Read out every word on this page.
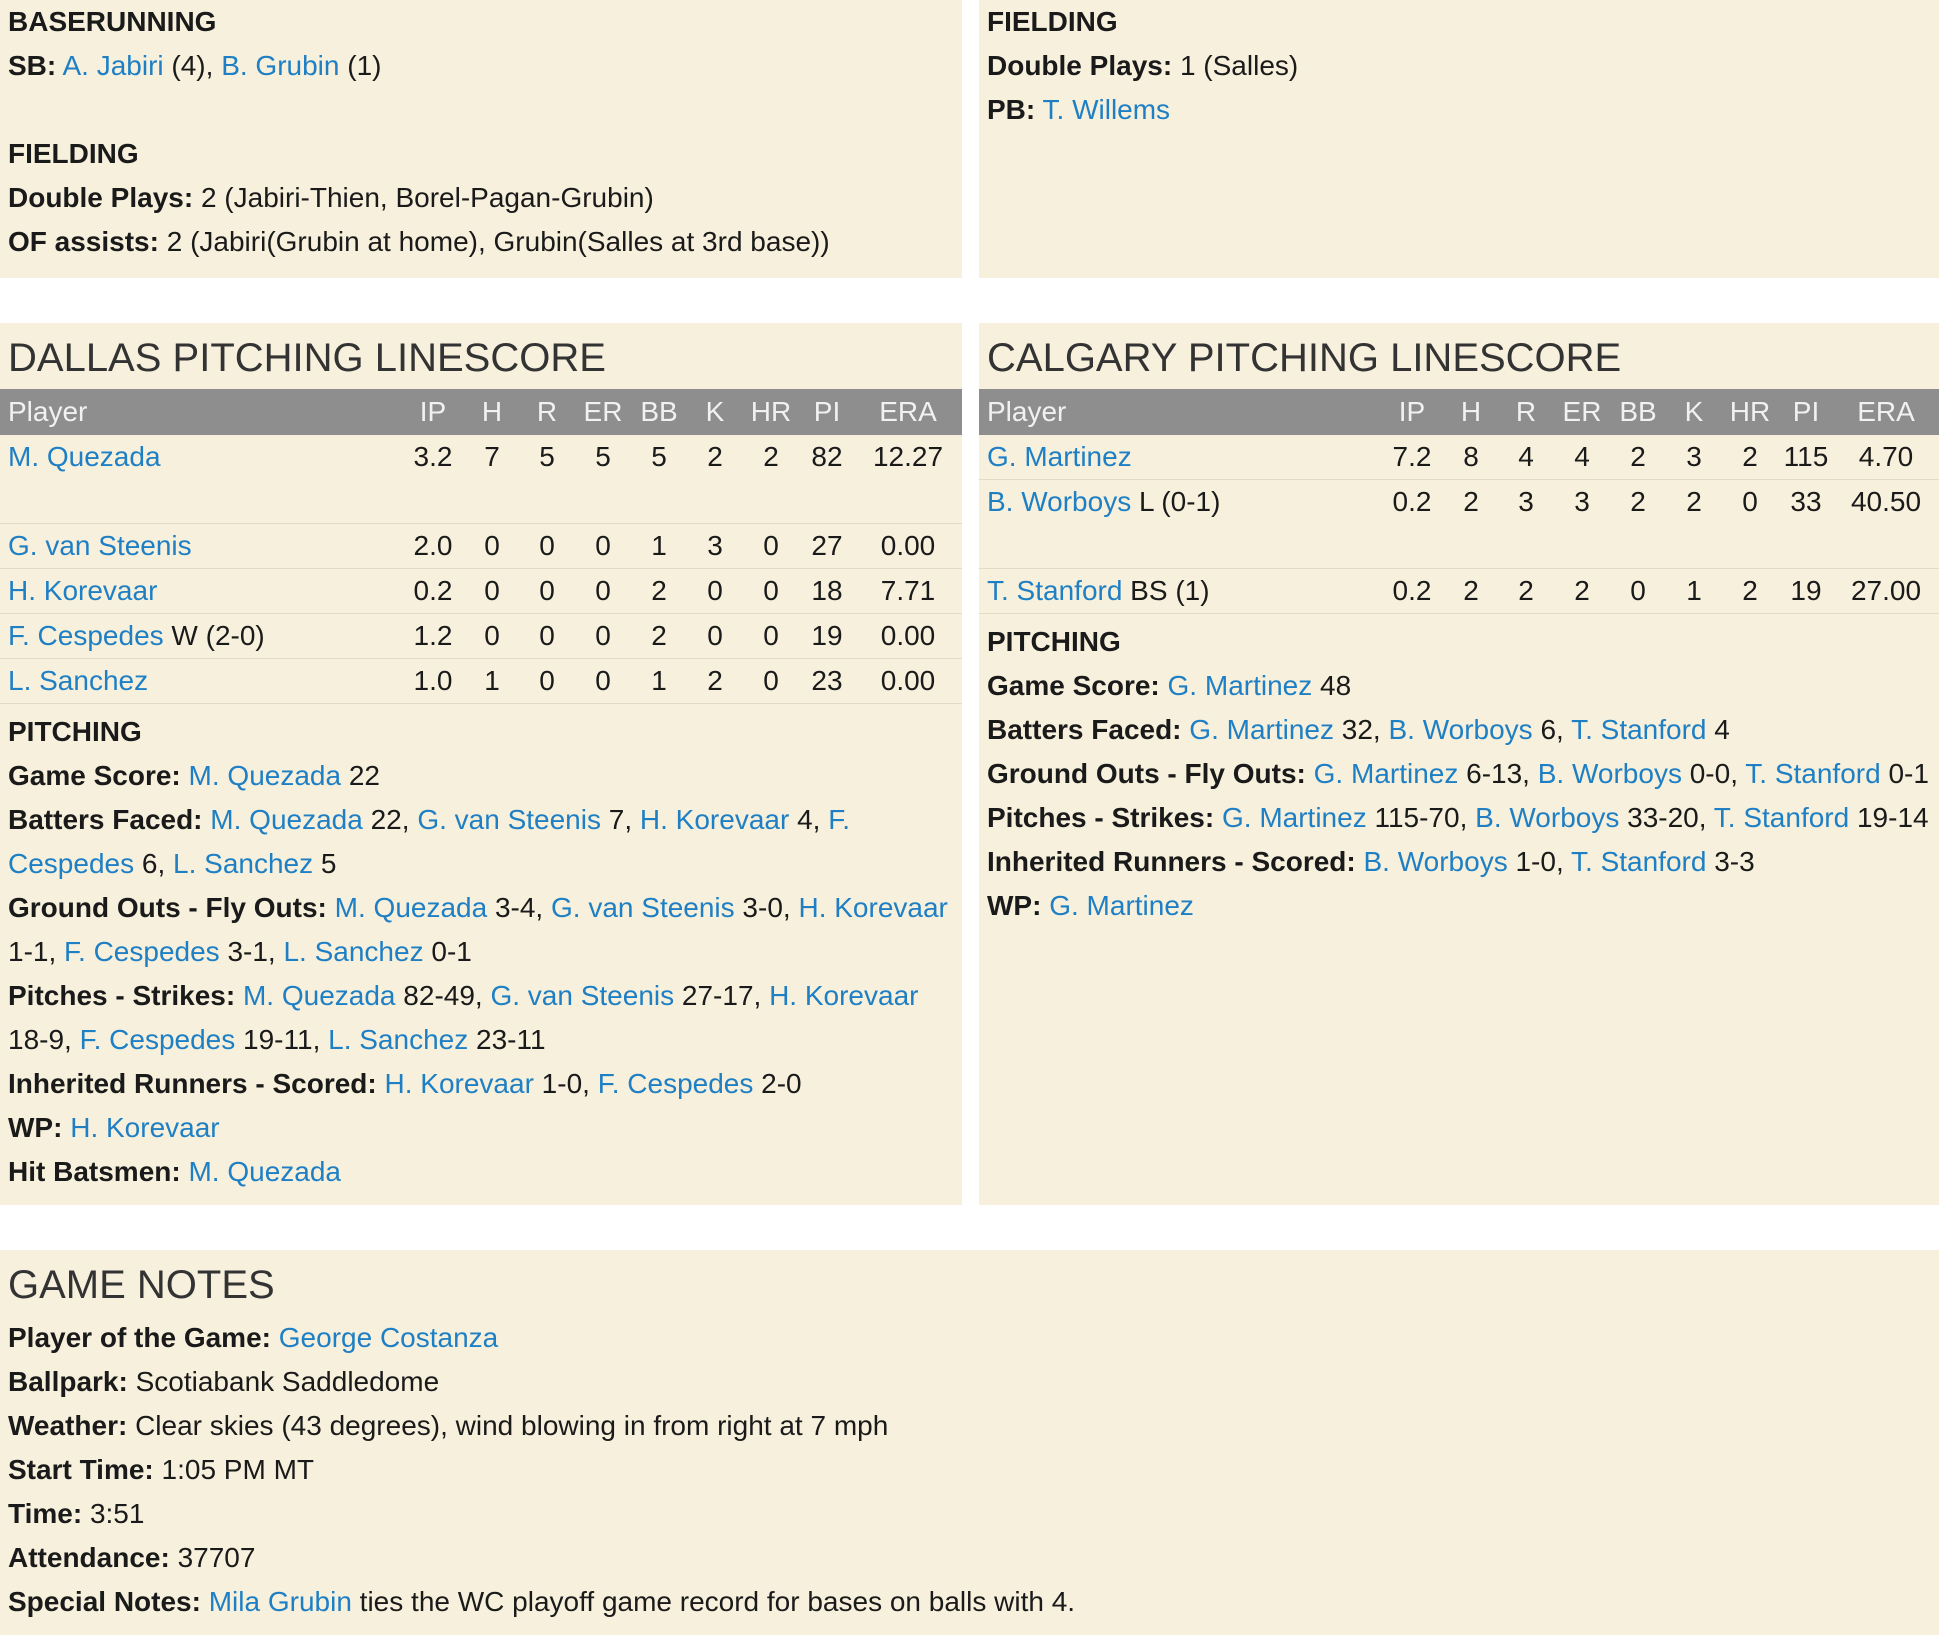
BASERUNNING
SB: A. Jabiri (4), B. Grubin (1)
FIELDING
Double Plays: 2 (Jabiri-Thien, Borel-Pagan-Grubin)
OF assists: 2 (Jabiri(Grubin at home), Grubin(Salles at 3rd base))
FIELDING
Double Plays: 1 (Salles)
PB: T. Willems
DALLAS PITCHING LINESCORE
Player	IP	H	R	ER	BB	K	HR	PI	ERA

M. Quezada	3.2	7	5	5	5	2	2	82	12.27

G. van Steenis	2.0	0	0	0	1	3	0	27	0.00
H. Korevaar	0.2	0	0	0	2	0	0	18	7.71
F. Cespedes W (2-0)	1.2	0	0	0	2	0	0	19	0.00
L. Sanchez	1.0	1	0	0	1	2	0	23	0.00
PITCHING
Game Score: M. Quezada 22
Batters Faced: M. Quezada 22, G. van Steenis 7, H. Korevaar 4, F. Cespedes 6, L. Sanchez 5
Ground Outs - Fly Outs: M. Quezada 3-4, G. van Steenis 3-0, H. Korevaar 1-1, F. Cespedes 3-1, L. Sanchez 0-1
Pitches - Strikes: M. Quezada 82-49, G. van Steenis 27-17, H. Korevaar 18-9, F. Cespedes 19-11, L. Sanchez 23-11
Inherited Runners - Scored: H. Korevaar 1-0, F. Cespedes 2-0
WP: H. Korevaar
Hit Batsmen: M. Quezada
CALGARY PITCHING LINESCORE
Player	IP	H	R	ER	BB	K	HR	PI	ERA
G. Martinez	7.2	8	4	4	2	3	2	115	4.70

B. Worboys L (0-1)	0.2	2	3	3	2	2	0	33	40.50

T. Stanford BS (1)	0.2	2	2	2	0	1	2	19	27.00
PITCHING
Game Score: G. Martinez 48
Batters Faced: G. Martinez 32, B. Worboys 6, T. Stanford 4
Ground Outs - Fly Outs: G. Martinez 6-13, B. Worboys 0-0, T. Stanford 0-1
Pitches - Strikes: G. Martinez 115-70, B. Worboys 33-20, T. Stanford 19-14
Inherited Runners - Scored: B. Worboys 1-0, T. Stanford 3-3
WP: G. Martinez
GAME NOTES
Player of the Game: George Costanza
Ballpark: Scotiabank Saddledome
Weather: Clear skies (43 degrees), wind blowing in from right at 7 mph
Start Time: 1:05 PM MT
Time: 3:51
Attendance: 37707
Special Notes: Mila Grubin ties the WC playoff game record for bases on balls with 4.
